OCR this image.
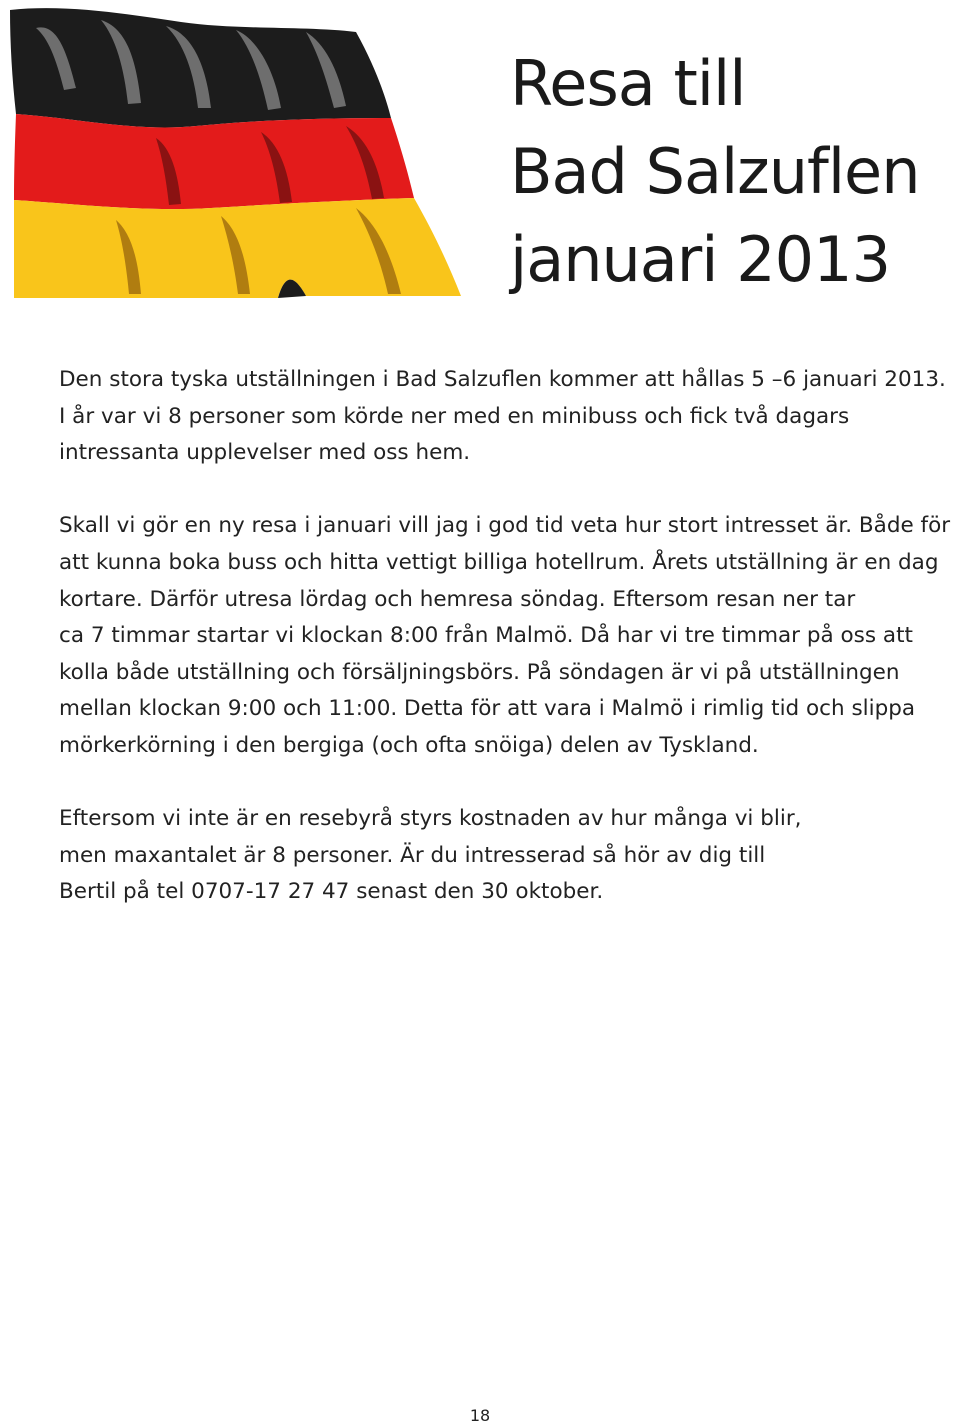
Resa till
Bad Salzuflen
januari 2013

Den stora tyska utställningen i Bad Salzuflen kommer att hållas 5 –6 januari 2013.
I år var vi 8 personer som körde ner med en minibuss och fick två dagars
intressanta upplevelser med oss hem.

Skall vi gör en ny resa i januari vill jag i god tid veta hur stort intresset är. Både för
att kunna boka buss och hitta vettigt billiga hotellrum. Årets utställning är en dag
kortare. Därför utresa lördag och hemresa söndag. Eftersom resan ner tar
ca 7 timmar startar vi klockan 8:00 från Malmö. Då har vi tre timmar på oss att
kolla både utställning och försäljningsbörs. På söndagen är vi på utställningen
mellan klockan 9:00 och 11:00. Detta för att vara i Malmö i rimlig tid och slippa
mörkerkörning i den bergiga (och ofta snöiga) delen av Tyskland.

Eftersom vi inte är en resebyrå styrs kostnaden av hur många vi blir,
men maxantalet är 8 personer. Är du intresserad så hör av dig till
Bertil på tel 0707-17 27 47 senast den 30 oktober.

18
